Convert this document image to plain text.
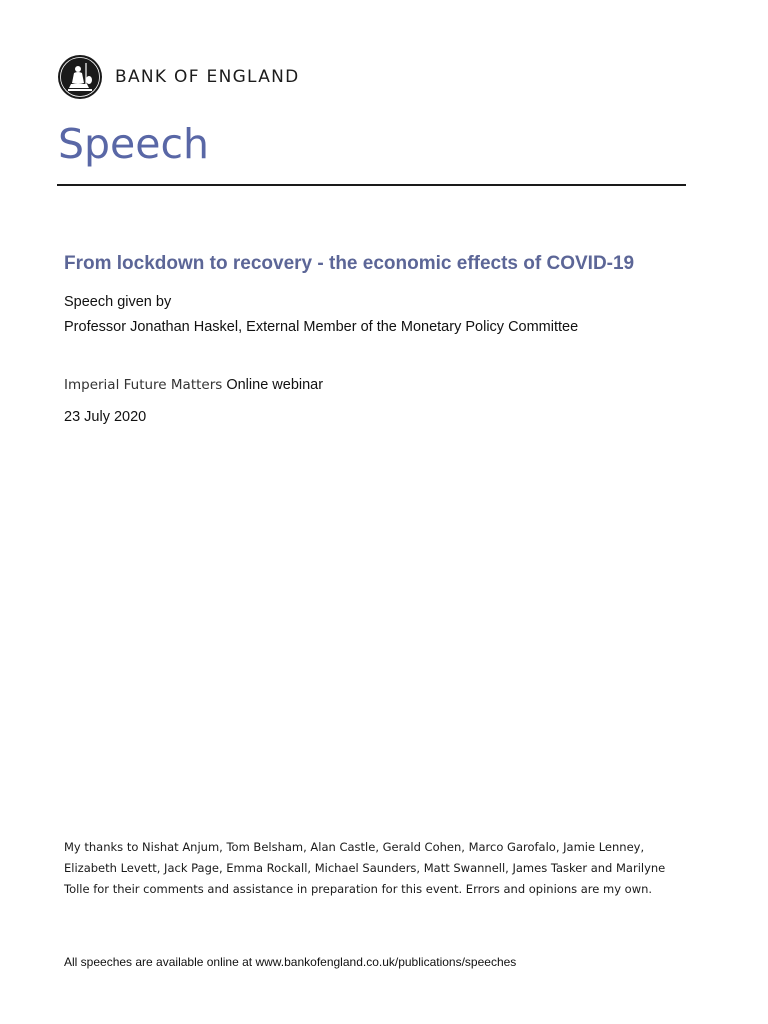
BANK OF ENGLAND
Speech
From lockdown to recovery - the economic effects of COVID-19
Speech given by
Professor Jonathan Haskel, External Member of the Monetary Policy Committee
Imperial Future Matters Online webinar
23 July 2020
My thanks to Nishat Anjum, Tom Belsham, Alan Castle, Gerald Cohen, Marco Garofalo, Jamie Lenney,
Elizabeth Levett, Jack Page, Emma Rockall, Michael Saunders, Matt Swannell, James Tasker and Marilyne
Tolle for their comments and assistance in preparation for this event. Errors and opinions are my own.
All speeches are available online at www.bankofengland.co.uk/publications/speeches
